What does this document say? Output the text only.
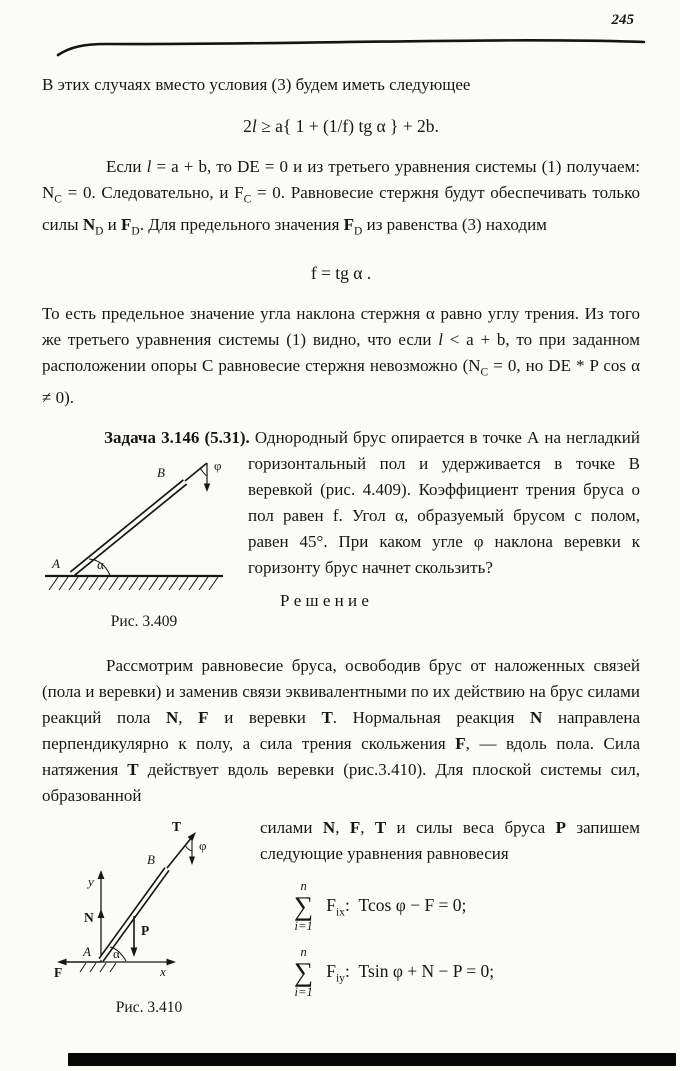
245

В этих случаях вместо условия (3) будем иметь следующее

2l ≥ a{ 1 + (1/f) tg α } + 2b.

Если l = a + b, то DE = 0 и из третьего уравнения системы (1) получаем: $N_C = 0$. Следовательно, и $F_C = 0$. Равновесие стержня будут обеспечивать только силы $N_D$ и $F_D$. Для предельного значения $F_D$ из равенства (3) находим

f = tg α .

То есть предельное значение угла наклона стержня α равно углу трения. Из того же третьего уравнения системы (1) видно, что если l < a + b, то при заданном расположении опоры С равновесие стержня невозможно ($N_C = 0$, но DE * P cos α ≠ 0).

Задача 3.146 (5.31). Однородный брус опирается в точке А на негладкий горизонтальный пол и удерживается в точке В веревкой (рис. 4.409). Коэффициент трения бруса о пол равен f. Угол α, образуемый брусом с полом, равен 45°. При каком угле φ наклона веревки к горизонту брус начнет скользить?

A
B
α
φ
Рис. 3.409
Р е ш е н и е

Рассмотрим равновесие бруса, освободив брус от наложенных связей (пола и веревки) и заменив связи эквивалентными по их действию на брус силами реакций пола N, F и веревки T. Нормальная реакция N направлена перпендикулярно к полу, а сила трения скольжения F, — вдоль пола. Сила натяжения T действует вдоль веревки (рис.3.410). Для плоской системы сил, образованной

T
y
N
B
P
A α
φ
x
F
Рис. 3.410

силами N, F, T и силы веса бруса P запишем следующие уравнения равновесия

n
∑
i=1
$F_{ix}$:  Tcos φ − F = 0;
n
∑
i=1
$F_{iy}$:  Tsin φ + N − P = 0;
